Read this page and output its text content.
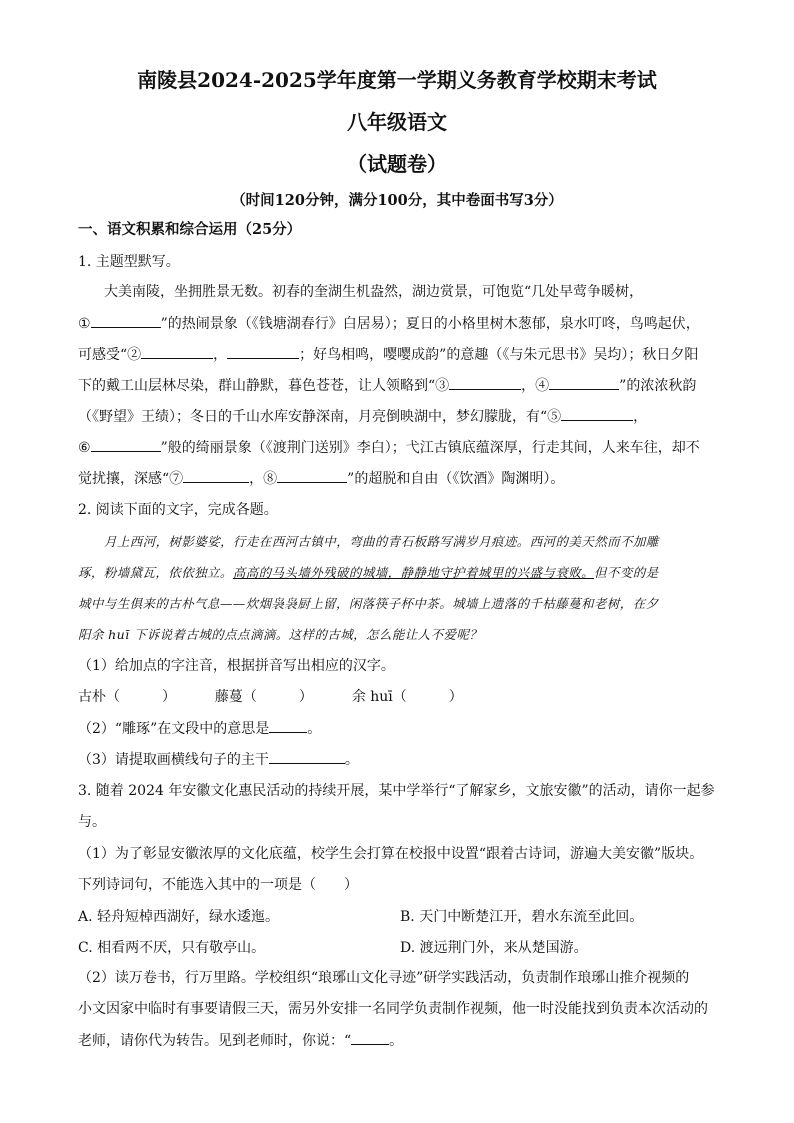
南陵县2024-2025学年度第一学期义务教育学校期末考试
八年级语文
（试题卷）
（时间120分钟，满分100分，其中卷面书写3分）
一、语文积累和综合运用（25分）
1. 主题型默写。
大美南陵，坐拥胜景无数。初春的奎湖生机盎然，湖边赏景，可饱览“几处早莺争暖树，
①	”的热闹景象（《钱塘湖春行》白居易）；夏日的小格里树木葱郁，泉水叮咚，鸟鸣起伏，
可感受“②	，	；好鸟相鸣，嘤嘤成韵”的意趣（《与朱元思书》吴均）；秋日夕阳
下的戴工山层林尽染，群山静默，暮色苍苍，让人领略到“③	，④	”的浓浓秋韵
（《野望》王绩）；冬日的千山水库安静深南，月亮倒映湖中，梦幻朦胧，有“⑤	，
⑥	”般的绮丽景象（《渡荆门送别》李白）；弋江古镇底蕴深厚，行走其间，人来车往，却不
觉扰攘，深感“⑦	，⑧	”的超脱和自由（《饮酒》陶渊明）。
2. 阅读下面的文字，完成各题。
月上西河，树影婆娑，行走在西河古镇中，弯曲的青石板路写满岁月痕迹。西河的美天然而不加雕
琢，粉墙黛瓦，依依独立。高高的马头墙外残破的城墙，静静地守护着城里的兴盛与衰败。但不变的是
城中与生俱来的古朴气息——炊烟袅袅厨上留，闲落筷子杯中茶。城墙上遗落的千枯藤蔓和老树，在夕
阳余 huī 下诉说着古城的点点滴滴。这样的古城，怎么能让人不爱呢？
（1）给加点的字注音，根据拼音写出相应的汉字。
古朴（　　　）	藤蔓（　　　）	余 huī（　　　）
（2）“雕琢”在文段中的意思是	。
（3）请提取画横线句子的主干	。
3. 随着 2024 年安徽文化惠民活动的持续开展，某中学举行“了解家乡，文旅安徽”的活动，请你一起参
与。
（1）为了彰显安徽浓厚的文化底蕴，校学生会打算在校报中设置“跟着古诗词，游遍大美安徽”版块。
下列诗词句，不能选入其中的一项是（　　）
A. 轻舟短棹西湖好，绿水逶迤。	B. 天门中断楚江开，碧水东流至此回。
C. 相看两不厌，只有敬亭山。	D. 渡远荆门外，来从楚国游。
（2）读万卷书，行万里路。学校组织“琅琊山文化寻迹”研学实践活动，负责制作琅琊山推介视频的
小文因家中临时有事要请假三天，需另外安排一名同学负责制作视频，他一时没能找到负责本次活动的
老师，请你代为转告。见到老师时，你说：“	。
